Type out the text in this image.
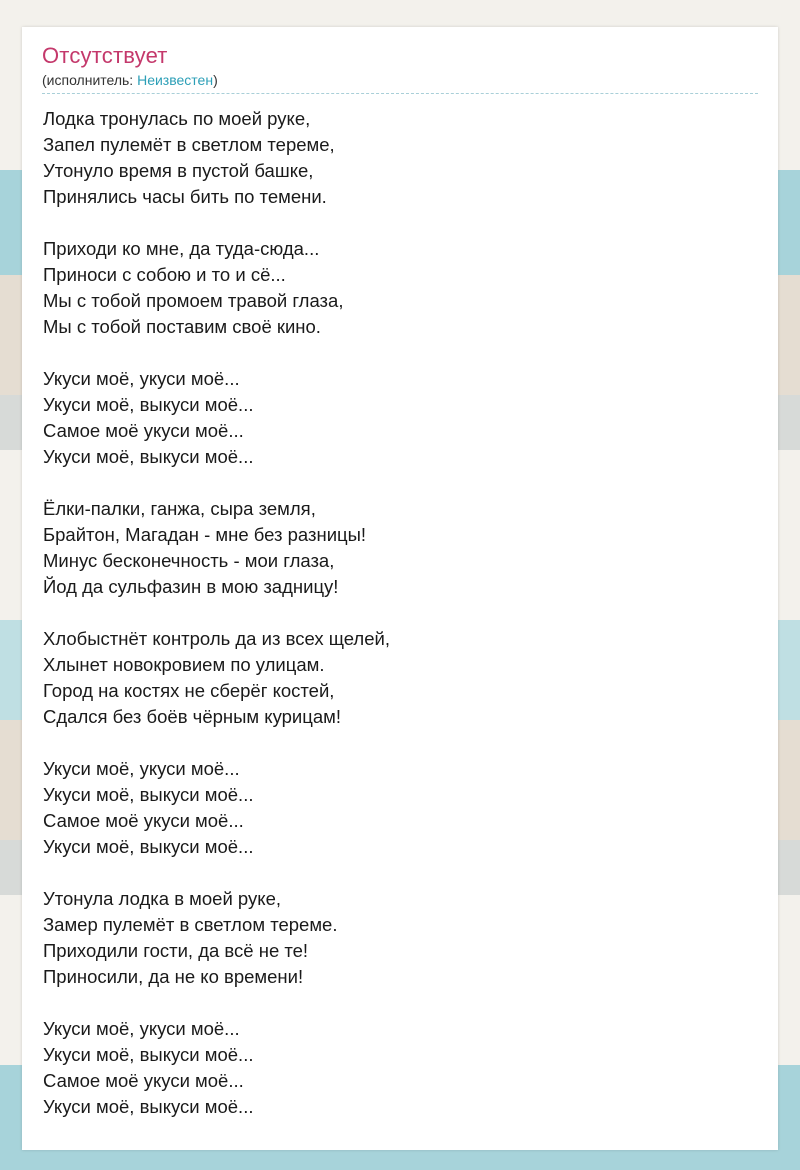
Отсутствует
(исполнитель: Неизвестен)
Лодка тронулась по моей руке,
Запел пулемёт в светлом тереме,
Утонуло время в пустой башке,
Принялись часы бить по темени.
Приходи ко мне, да туда-сюда...
Приноси с собою и то и сё...
Мы с тобой промоем травой глаза,
Мы с тобой поставим своё кино.
Укуси моё, укуси моё...
Укуси моё, выкуси моё...
Самое моё укуси моё...
Укуси моё, выкуси моё...
Ёлки-палки, ганжа, сыра земля,
Брайтон, Магадан - мне без разницы!
Минус бесконечность - мои глаза,
Йод да сульфазин в мою задницу!
Хлобыстнёт контроль да из всех щелей,
Хлынет новокровием по улицам.
Город на костях не сберёг костей,
Сдался без боёв чёрным курицам!
Укуси моё, укуси моё...
Укуси моё, выкуси моё...
Самое моё укуси моё...
Укуси моё, выкуси моё...
Утонула лодка в моей руке,
Замер пулемёт в светлом тереме.
Приходили гости, да всё не те!
Приносили, да не ко времени!
Укуси моё, укуси моё...
Укуси моё, выкуси моё...
Самое моё укуси моё...
Укуси моё, выкуси моё...
